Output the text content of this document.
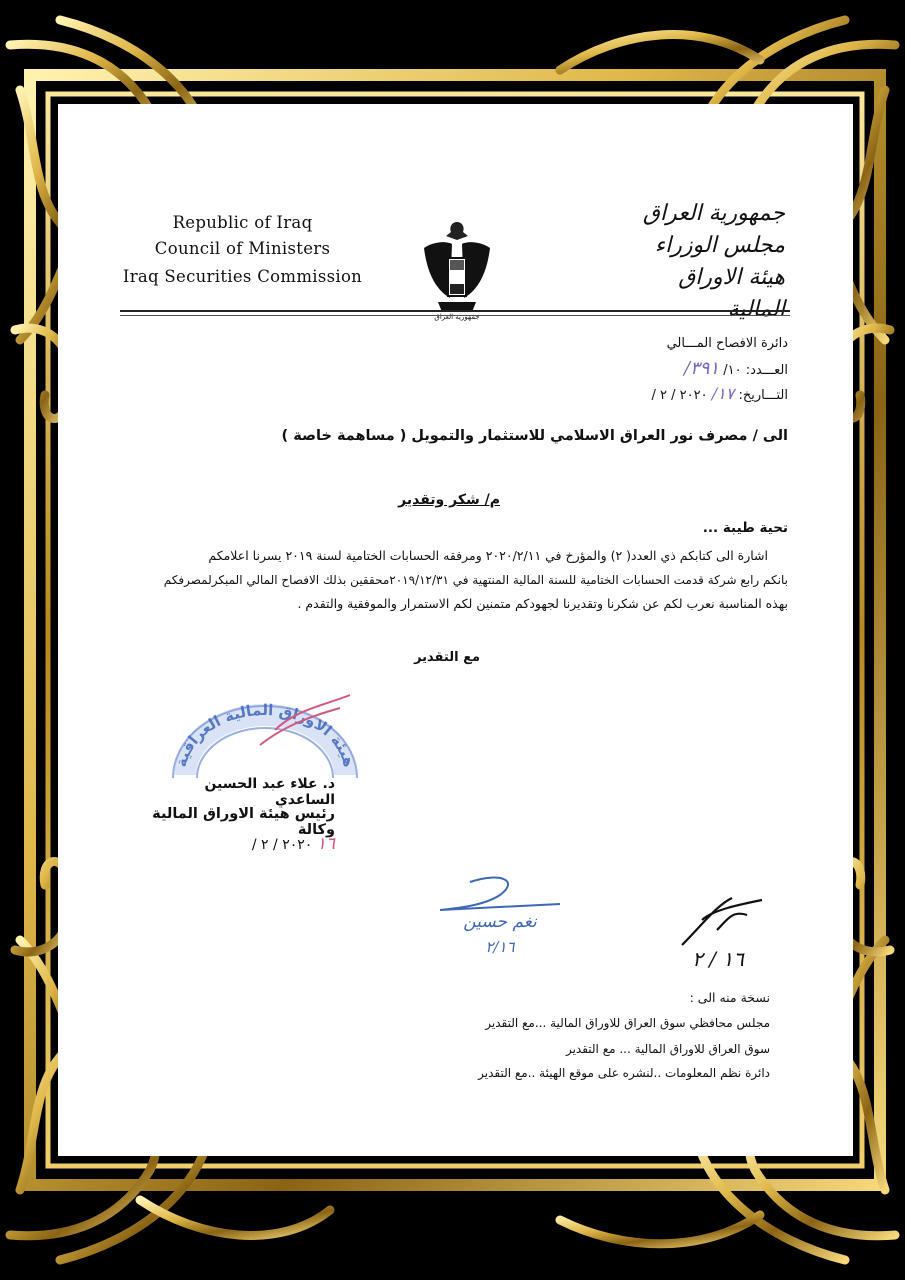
Republic of Iraq
Council of Ministers
Iraq Securities Commission
جمهورية العراق
جمهورية العراق
مجلس الوزراء
هيئة الاوراق المالية
دائرة الافصاح المـــالي
العـــدد: ١٠/ ٣٩١/
التـــاريخ: ١٧/ ٢٠٢٠ / ٢ /
الى / مصرف نور العراق الاسلامي للاستثمار والتمويل ( مساهمة خاصة )
م/ شكر وتقدير
تحية طيبة ...
اشارة الى كتابكم ذي العدد( ٢) والمؤرخ في ٢٠٢٠/٢/١١ ومرفقه الحسابات الختامية لسنة ٢٠١٩ يسرنا اعلامكم
بانكم رابع شركة قدمت الحسابات الختامية للسنة المالية المنتهية في ٢٠١٩/١٢/٣١محققين بذلك الافصاح المالي المبكرلمصرفكم
بهذه المناسبة نعرب لكم عن شكرنا وتقديرنا لجهودكم متمنين لكم الاستمرار والموفقية والتقدم .
مع التقدير
هيئة الاوراق المالية العراقية
د. علاء عبد الحسين الساعدي
رئيس هيئة الاوراق المالية وكالة
١٦ ٢٠٢٠ / ٢ /
نغم حسين
٢/١٦	١٦ / ٢
نسخة منه الى :
مجلس محافظي سوق العراق للاوراق المالية ...مع التقدير
سوق العراق للاوراق المالية ... مع التقدير
دائرة نظم المعلومات ..لنشره على موقع الهيئة ..مع التقدير
